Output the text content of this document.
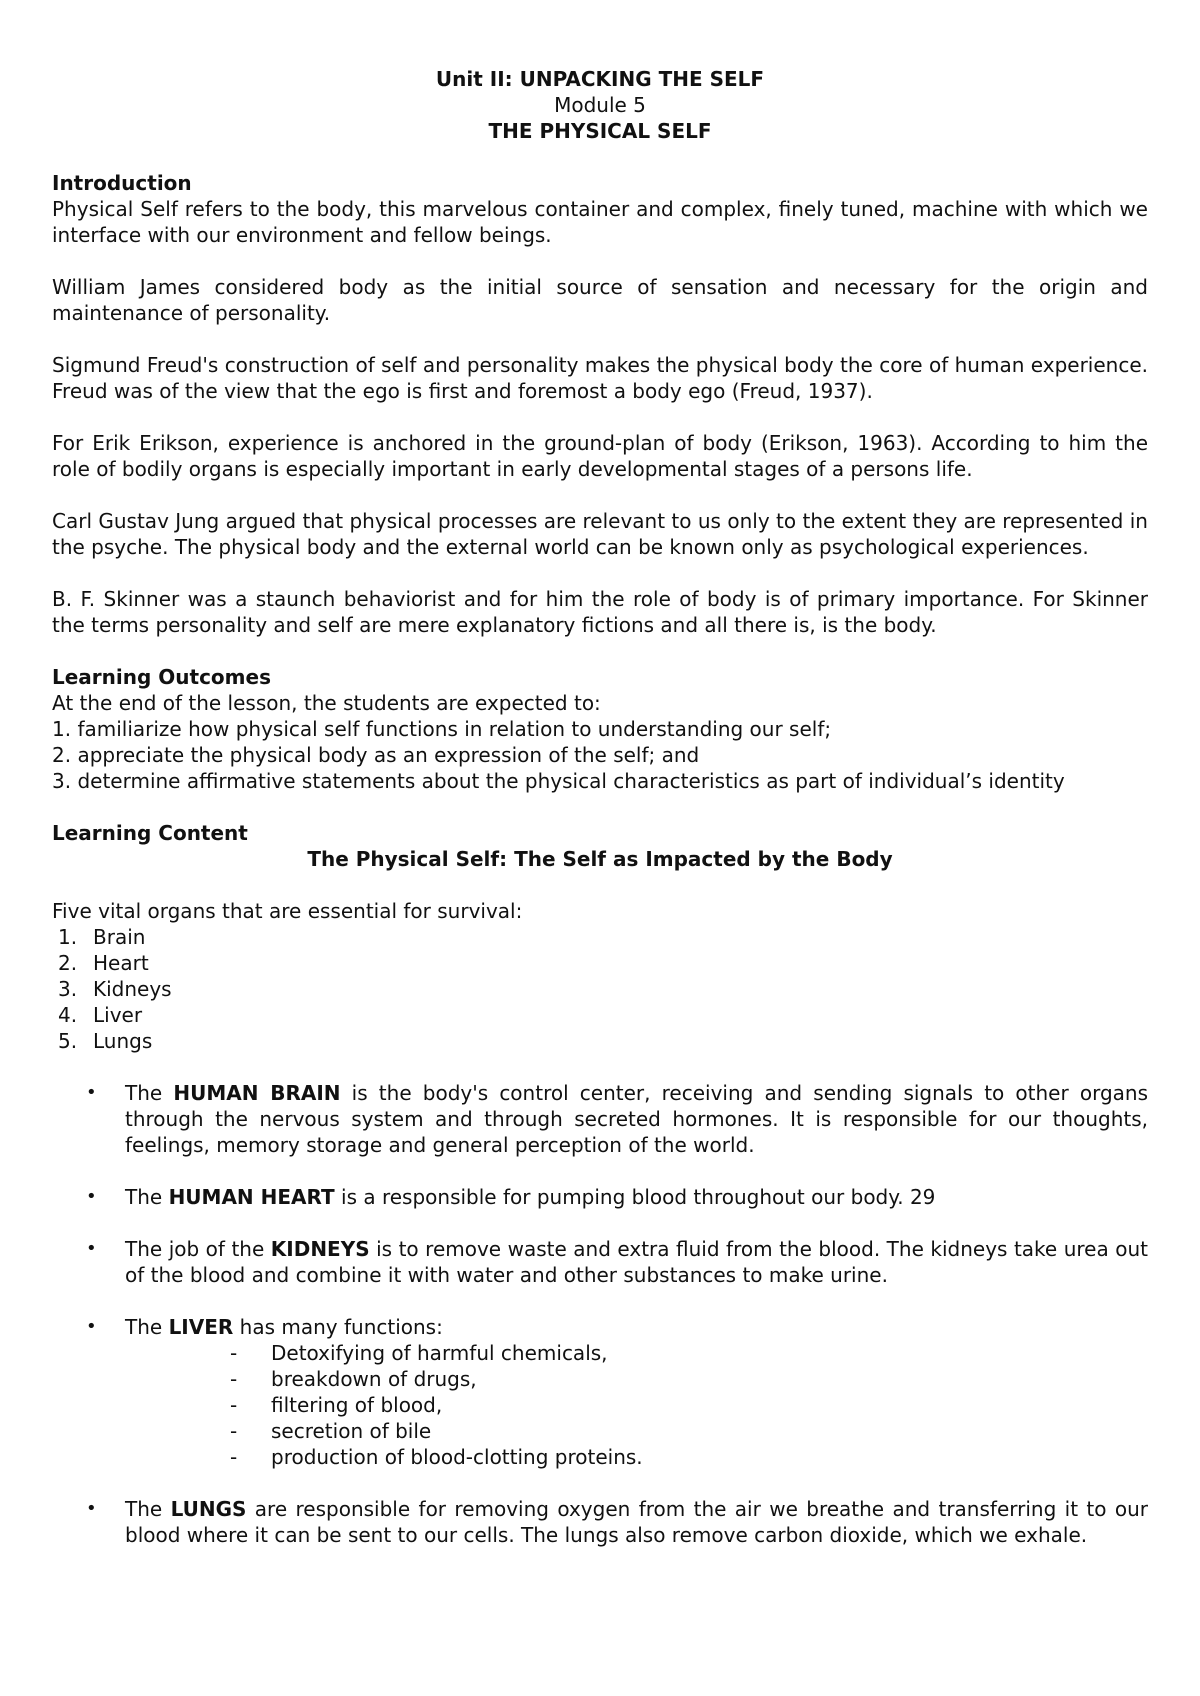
Unit II: UNPACKING THE SELF
Module 5
THE PHYSICAL SELF
Introduction

Physical Self refers to the body, this marvelous container and complex, finely tuned, machine with which we interface with our environment and fellow beings.

William James considered body as the initial source of sensation and necessary for the origin and maintenance of personality.

Sigmund Freud's construction of self and personality makes the physical body the core of human experience. Freud was of the view that the ego is first and foremost a body ego (Freud, 1937).

For Erik Erikson, experience is anchored in the ground-plan of body (Erikson, 1963). According to him the role of bodily organs is especially important in early developmental stages of a persons life.

Carl Gustav Jung argued that physical processes are relevant to us only to the extent they are represented in the psyche. The physical body and the external world can be known only as psychological experiences.

B. F. Skinner was a staunch behaviorist and for him the role of body is of primary importance. For Skinner the terms personality and self are mere explanatory fictions and all there is, is the body.

Learning Outcomes
At the end of the lesson, the students are expected to:
1. familiarize how physical self functions in relation to understanding our self;
2. appreciate the physical body as an expression of the self; and
3. determine affirmative statements about the physical characteristics as part of individual’s identity
Learning Content
The Physical Self: The Self as Impacted by the Body
Five vital organs that are essential for survival:
1. Brain
2. Heart
3. Kidneys
4. Liver
5. Lungs
• The HUMAN BRAIN is the body's control center, receiving and sending signals to other organs through the nervous system and through secreted hormones. It is responsible for our thoughts, feelings, memory storage and general perception of the world.
• The HUMAN HEART is a responsible for pumping blood throughout our body. 29
• The job of the KIDNEYS is to remove waste and extra fluid from the blood. The kidneys take urea out of the blood and combine it with water and other substances to make urine.
• The LIVER has many functions:
- Detoxifying of harmful chemicals,
- breakdown of drugs,
- filtering of blood,
- secretion of bile
- production of blood-clotting proteins.
• The LUNGS are responsible for removing oxygen from the air we breathe and transferring it to our blood where it can be sent to our cells. The lungs also remove carbon dioxide, which we exhale.
